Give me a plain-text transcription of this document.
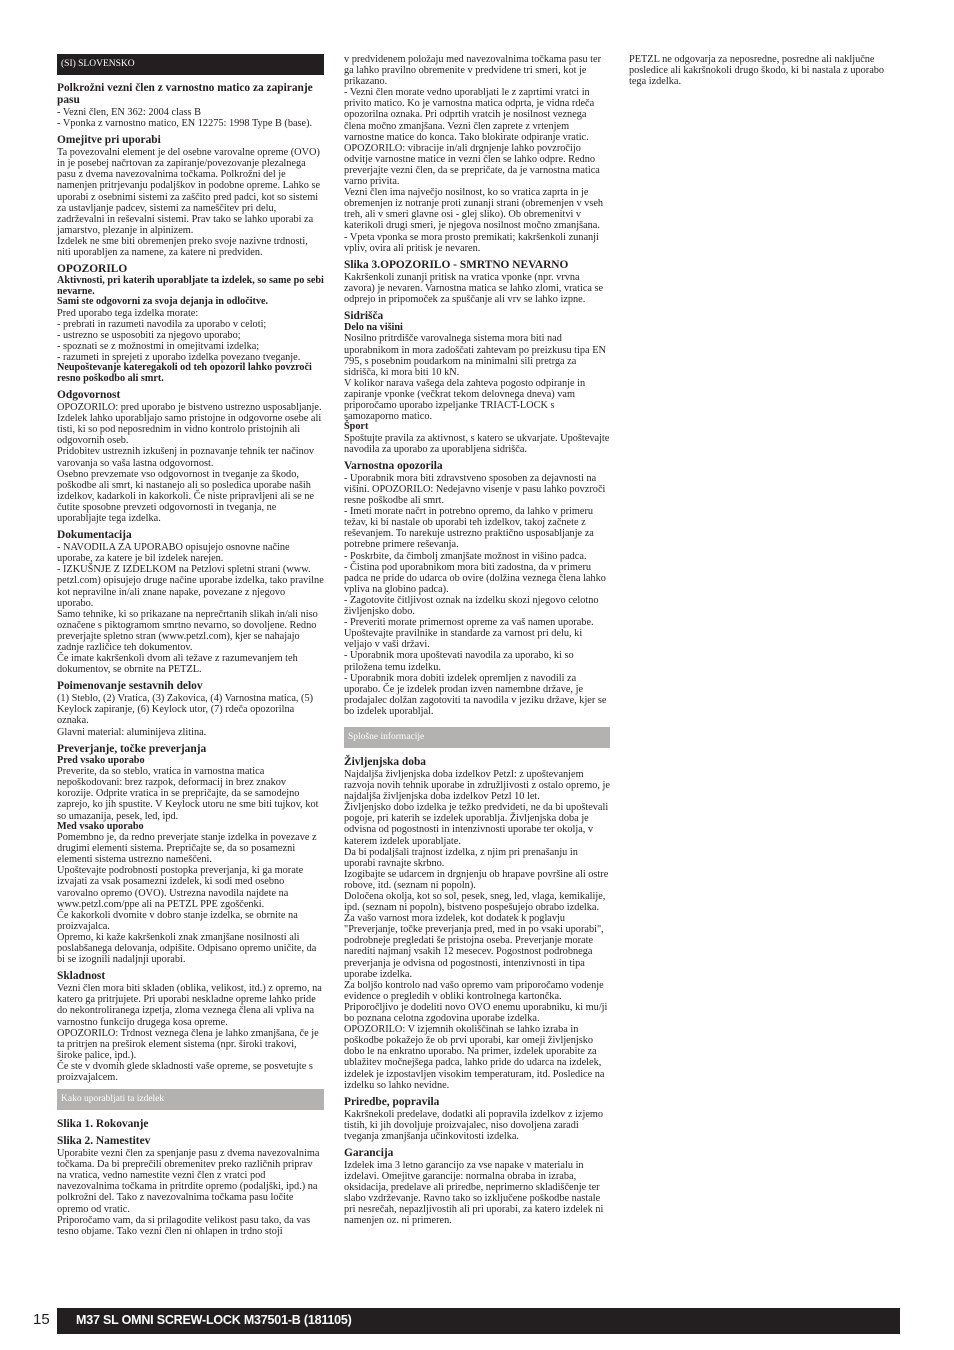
(SI) SLOVENSKO
Polkrožni vezni člen z varnostno matico za zapiranje pasu

- Vezni člen, EN 362: 2004 class B

- Vponka z varnostno matico, EN 12275: 1998 Type B (base).

Omejitve pri uporabi

Ta povezovalni element je del osebne varovalne opreme (OVO) in je posebej načrtovan za zapiranje/povezovanje plezalnega pasu z dvema navezovalnima točkama. Polkrožni del je namenjen pritrjevanju podaljškov in podobne opreme. Lahko se uporabi z osebnimi sistemi za zaščito pred padci, kot so sistemi za ustavljanje padcev, sistemi za nameščitev pri delu, zadrževalni in reševalni sistemi. Prav tako se lahko uporabi za jamarstvo, plezanje in alpinizem.

Izdelek ne sme biti obremenjen preko svoje nazivne trdnosti, niti uporabljen za namene, za katere ni predviden.

OPOZORILO

Aktivnosti, pri katerih uporabljate ta izdelek, so same po sebi nevarne.

Sami ste odgovorni za svoja dejanja in odločitve.

Pred uporabo tega izdelka morate:

- prebrati in razumeti navodila za uporabo v celoti;

- ustrezno se usposobiti za njegovo uporabo;

- spoznati se z možnostmi in omejitvami izdelka;

- razumeti in sprejeti z uporabo izdelka povezano tveganje.

Neupoštevanje kateregakoli od teh opozoril lahko povzroči resno poškodbo ali smrt.

Odgovornost

OPOZORILO: pred uporabo je bistveno ustrezno usposabljanje.

Izdelek lahko uporabljajo samo pristojne in odgovorne osebe ali tisti, ki so pod neposrednim in vidno kontrolo pristojnih ali odgovornih oseb.

Pridobitev ustreznih izkušenj in poznavanje tehnik ter načinov varovanja so vaša lastna odgovornost.

Osebno prevzemate vso odgovornost in tveganje za škodo, poškodbe ali smrt, ki nastanejo ali so posledica uporabe naših izdelkov, kadarkoli in kakorkoli. Če niste pripravljeni ali se ne čutite sposobne prevzeti odgovornosti in tveganja, ne uporabljajte tega izdelka.

Dokumentacija

- NAVODILA ZA UPORABO opisujejo osnovne načine uporabe, za katere je bil izdelek narejen.

- IZKUŠNJE Z IZDELKOM na Petzlovi spletni strani (www. petzl.com) opisujejo druge načine uporabe izdelka, tako pravilne kot nepravilne in/ali znane napake, povezane z njegovo uporabo.

Samo tehnike, ki so prikazane na neprečrtanih slikah in/ali niso označene s piktogramom smrtno nevarno, so dovoljene. Redno preverjajte spletno stran (www.petzl.com), kjer se nahajajo zadnje različice teh dokumentov.

Če imate kakršenkoli dvom ali težave z razumevanjem teh dokumentov, se obrnite na PETZL.

Poimenovanje sestavnih delov

(1) Steblo, (2) Vratica, (3) Zakovica, (4) Varnostna matica, (5) Keylock zapiranje, (6) Keylock utor, (7) rdeča opozorilna oznaka.

Glavni material: aluminijeva zlitina.

Preverjanje, točke preverjanja

Pred vsako uporabo

Preverite, da so steblo, vratica in varnostna matica nepoškodovani: brez razpok, deformacij in brez znakov korozije. Odprite vratica in se prepričajte, da se samodejno zaprejo, ko jih spustite. V Keylock utoru ne sme biti tujkov, kot so umazanija, pesek, led, ipd.

Med vsako uporabo

Pomembno je, da redno preverjate stanje izdelka in povezave z drugimi elementi sistema. Prepričajte se, da so posamezni elementi sistema ustrezno nameščeni.

Upoštevajte podrobnosti postopka preverjanja, ki ga morate izvajati za vsak posamezni izdelek, ki sodi med osebno varovalno opremo (OVO). Ustrezna navodila najdete na www.petzl.com/ppe ali na PETZL PPE zgoščenki.

Če kakorkoli dvomite v dobro stanje izdelka, se obrnite na proizvajalca.

Opremo, ki kaže kakršenkoli znak zmanjšane nosilnosti ali poslabšanega delovanja, odpišite. Odpisano opremo uničite, da bi se izognili nadaljnji uporabi.

Skladnost

Vezni člen mora biti skladen (oblika, velikost, itd.) z opremo, na katero ga pritrjujete. Pri uporabi neskladne opreme lahko pride do nekontroliranega izpetja, zloma veznega člena ali vpliva na varnostno funkcijo drugega kosa opreme.

OPOZORILO: Trdnost veznega člena je lahko zmanjšana, če je ta pritrjen na preširok element sistema (npr. široki trakovi, široke palice, ipd.).

Če ste v dvomih glede skladnosti vaše opreme, se posvetujte s proizvajalcem.

Kako uporabljati ta izdelek
Slika 1. Rokovanje
Slika 2. Namestitev

Uporabite vezni člen za spenjanje pasu z dvema navezovalnima točkama. Da bi preprečili obremenitev preko različnih priprav na vratica, vedno namestite vezni člen z vratci pod navezovalnima točkama in pritrdite opremo (podaljški, ipd.) na polkrožni del. Tako z navezovalnima točkama pasu ločite opremo od vratic.

Priporočamo vam, da si prilagodite velikost pasu tako, da vas tesno objame. Tako vezni člen ni ohlapen in trdno stoji

v predvidenem položaju med navezovalnima točkama pasu ter ga lahko pravilno obremenite v predvidene tri smeri, kot je prikazano.

- Vezni člen morate vedno uporabljati le z zaprtimi vratci in privito matico. Ko je varnostna matica odprta, je vidna rdeča opozorilna oznaka. Pri odprtih vratcih je nosilnost veznega člena močno zmanjšana. Vezni člen zaprete z vrtenjem varnostne matice do konca. Tako blokirate odpiranje vratic. OPOZORILO: vibracije in/ali drgnjenje lahko povzročijo odvitje varnostne matice in vezni člen se lahko odpre. Redno preverjajte vezni člen, da se prepričate, da je varnostna matica varno privita.

Vezni člen ima največjo nosilnost, ko so vratica zaprta in je obremenjen iz notranje proti zunanji strani (obremenjen v vseh treh, ali v smeri glavne osi - glej sliko). Ob obremenitvi v katerikoli drugi smeri, je njegova nosilnost močno zmanjšana.

- Vpeta vponka se mora prosto premikati; kakršenkoli zunanji vpliv, ovira ali pritisk je nevaren.

Slika 3.OPOZORILO - SMRTNO NEVARNO

Kakršenkoli zunanji pritisk na vratica vponke (npr. vrvna zavora) je nevaren. Varnostna matica se lahko zlomi, vratica se odprejo in pripomoček za spuščanje ali vrv se lahko izpne.

Sidrišča

Delo na višini

Nosilno pritrdišče varovalnega sistema mora biti nad uporabnikom in mora zadoščati zahtevam po preizkusu tipa EN 795, s posebnim poudarkom na minimalni sili pretrga za sidrišča, ki mora biti 10 kN.

V kolikor narava vašega dela zahteva pogosto odpiranje in zapiranje vponke (večkrat tekom delovnega dneva) vam priporočamo uporabo izpeljanke TRIACT-LOCK s samozaporno matico.

Šport

Spoštujte pravila za aktivnost, s katero se ukvarjate. Upoštevajte navodila za uporabo za uporabljena sidrišča.

Varnostna opozorila

- Uporabnik mora biti zdravstveno sposoben za dejavnosti na višini. OPOZORILO: Nedejavno visenje v pasu lahko povzroči resne poškodbe ali smrt.

- Imeti morate načrt in potrebno opremo, da lahko v primeru težav, ki bi nastale ob uporabi teh izdelkov, takoj začnete z reševanjem. To narekuje ustrezno praktično usposabljanje za potrebne primere reševanja.

- Poskrbite, da čimbolj zmanjšate možnost in višino padca.

- Čistina pod uporabnikom mora biti zadostna, da v primeru padca ne pride do udarca ob ovire (dolžina veznega člena lahko vpliva na globino padca).

- Zagotovite čitljivost oznak na izdelku skozi njegovo celotno življenjsko dobo.

- Preveriti morate primernost opreme za vaš namen uporabe. Upoštevajte pravilnike in standarde za varnost pri delu, ki veljajo v vaši državi.

- Uporabnik mora upoštevati navodila za uporabo, ki so priložena temu izdelku.

- Uporabnik mora dobiti izdelek opremljen z navodili za uporabo. Če je izdelek prodan izven namembne države, je prodajalec dolžan zagotoviti ta navodila v jeziku države, kjer se bo izdelek uporabljal.

Splošne informacije
Življenjska doba

Najdaljša življenjska doba izdelkov Petzl: z upoštevanjem razvoja novih tehnik uporabe in združljivosti z ostalo opremo, je najdaljša življenjska doba izdelkov Petzl 10 let.

Življenjsko dobo izdelka je težko predvideti, ne da bi upoštevali pogoje, pri katerih se izdelek uporablja. Življenjska doba je odvisna od pogostnosti in intenzivnosti uporabe ter okolja, v katerem izdelek uporabljate.

Da bi podaljšali trajnost izdelka, z njim pri prenašanju in uporabi ravnajte skrbno.

Izogibajte se udarcem in drgnjenju ob hrapave površine ali ostre robove, itd. (seznam ni popoln).

Določena okolja, kot so sol, pesek, sneg, led, vlaga, kemikalije, ipd. (seznam ni popoln), bistveno pospešujejo obrabo izdelka.

Za vašo varnost mora izdelek, kot dodatek k poglavju "Preverjanje, točke preverjanja pred, med in po vsaki uporabi", podrobneje pregledati še pristojna oseba. Preverjanje morate narediti najmanj vsakih 12 mesecev. Pogostnost podrobnega preverjanja je odvisna od pogostnosti, intenzivnosti in tipa uporabe izdelka.

Za boljšo kontrolo nad vašo opremo vam priporočamo vodenje evidence o pregledih v obliki kontrolnega kartončka. Priporočljivo je dodeliti novo OVO enemu uporabniku, ki mu/ji bo poznana celotna zgodovina uporabe izdelka.

OPOZORILO: V izjemnih okoliščinah se lahko izraba in poškodbe pokažejo že ob prvi uporabi, kar omeji življenjsko dobo le na enkratno uporabo. Na primer, izdelek uporabite za ublažitev močnejšega padca, lahko pride do udarca na izdelek, izdelek je izpostavljen visokim temperaturam, itd. Posledice na izdelku so lahko nevidne.

Priredbe, popravila

Kakršnekoli predelave, dodatki ali popravila izdelkov z izjemo tistih, ki jih dovoljuje proizvajalec, niso dovoljena zaradi tveganja zmanjšanja učinkovitosti izdelka.

Garancija

Izdelek ima 3 letno garancijo za vse napake v materialu in izdelavi. Omejitve garancije: normalna obraba in izraba, oksidacija, predelave ali priredbe, neprimerno skladiščenje ter slabo vzdrževanje. Ravno tako so izključene poškodbe nastale pri nesrečah, nepazljivostih ali pri uporabi, za katero izdelek ni namenjen oz. ni primeren.

PETZL ne odgovarja za neposredne, posredne ali naključne posledice ali kakršnokoli drugo škodo, ki bi nastala z uporabo tega izdelka.

15 M37 SL OMNI SCREW-LOCK M37501-B (181105)
